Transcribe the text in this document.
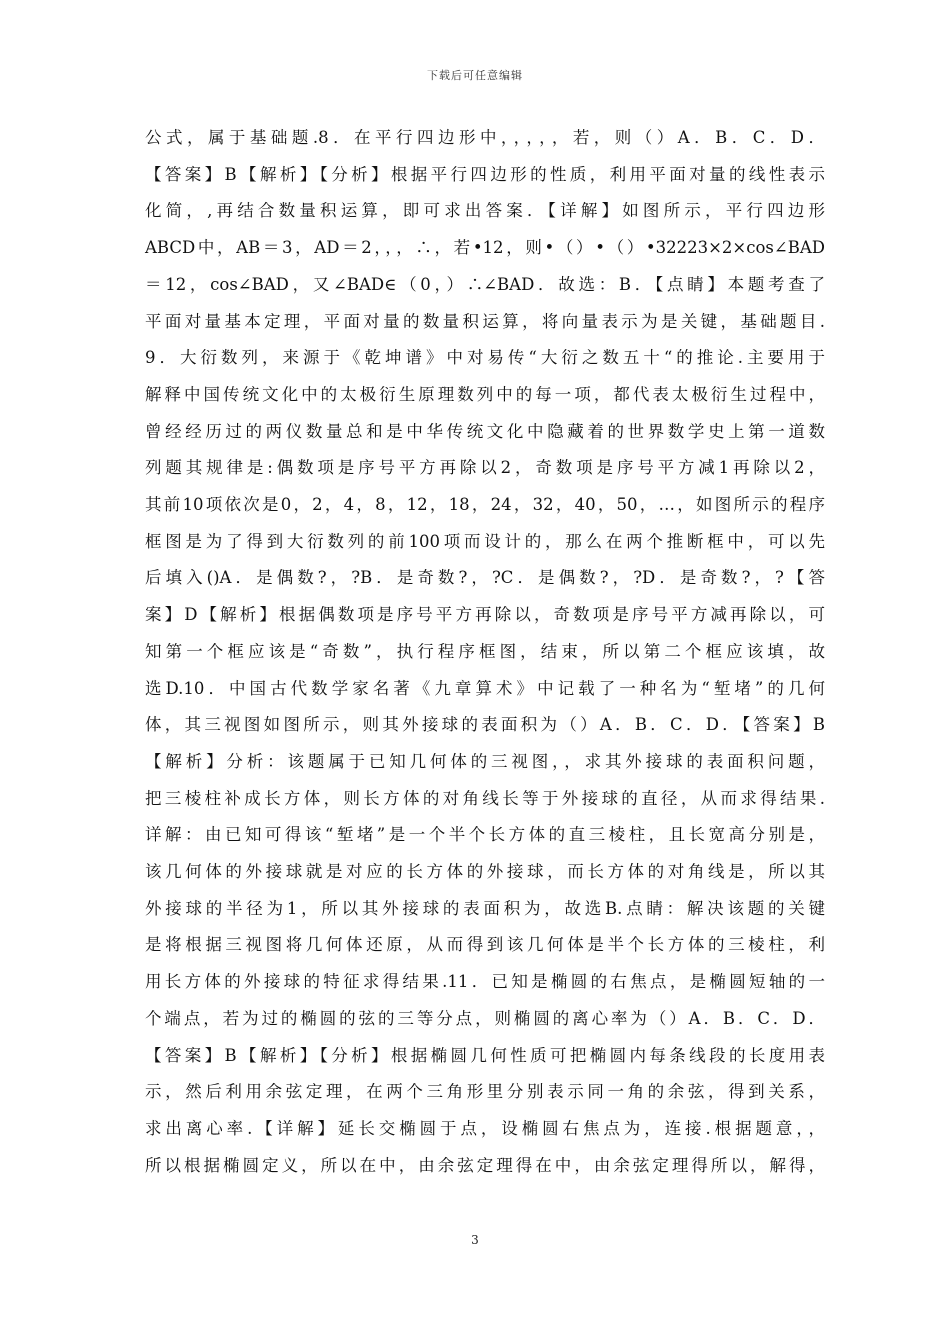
下载后可任意编辑
公式，属于基础题.8．在平行四边形中，，，，，若，则（）A．B．C．D．
【答案】B【解析】【分析】根据平行四边形的性质，利用平面对量的线性表示
化简，,再结合数量积运算，即可求出答案．【详解】如图所示，平行四边形
ABCD中，AB＝3，AD＝2，，，∴，若•12，则•（）•（）•32223×2×cos∠BAD
＝12，cos∠BAD，又∠BAD∈（0，）∴∠BAD．故选：B．【点睛】本题考查了
平面对量基本定理，平面对量的数量积运算，将向量表示为是关键，基础题目.
9．大衍数列，来源于《乾坤谱》中对易传“大衍之数五十“的推论.主要用于
解释中国传统文化中的太极衍生原理数列中的每一项，都代表太极衍生过程中，
曾经经历过的两仪数量总和是中华传统文化中隐藏着的世界数学史上第一道数
列题其规律是:偶数项是序号平方再除以2，奇数项是序号平方减1再除以2，
其前10项依次是0，2，4，8，12，18，24，32，40，50，…，如图所示的程序
框图是为了得到大衍数列的前100项而设计的，那么在两个推断框中，可以先
后填入()A．是偶数?，?B．是奇数?，?C．是偶数?，?D．是奇数?，?【答
案】D【解析】根据偶数项是序号平方再除以，奇数项是序号平方减再除以，可
知第一个框应该是“奇数”，执行程序框图，结束，所以第二个框应该填，故
选D.10．中国古代数学家名著《九章算术》中记载了一种名为“堑堵”的几何
体，其三视图如图所示，则其外接球的表面积为（）A．B．C．D．【答案】B
【解析】分析：该题属于已知几何体的三视图，，求其外接球的表面积问题，
把三棱柱补成长方体，则长方体的对角线长等于外接球的直径，从而求得结果.
详解：由已知可得该“堑堵”是一个半个长方体的直三棱柱，且长宽高分别是，
该几何体的外接球就是对应的长方体的外接球，而长方体的对角线是，所以其
外接球的半径为1，所以其外接球的表面积为，故选B.点睛：解决该题的关键
是将根据三视图将几何体还原，从而得到该几何体是半个长方体的三棱柱，利
用长方体的外接球的特征求得结果.11．已知是椭圆的右焦点，是椭圆短轴的一
个端点，若为过的椭圆的弦的三等分点，则椭圆的离心率为（）A．B．C．D．
【答案】B【解析】【分析】根据椭圆几何性质可把椭圆内每条线段的长度用表
示，然后利用余弦定理，在两个三角形里分别表示同一角的余弦，得到关系，
求出离心率.【详解】延长交椭圆于点，设椭圆右焦点为，连接.根据题意，，
所以根据椭圆定义，所以在中，由余弦定理得在中，由余弦定理得所以，解得，
3
